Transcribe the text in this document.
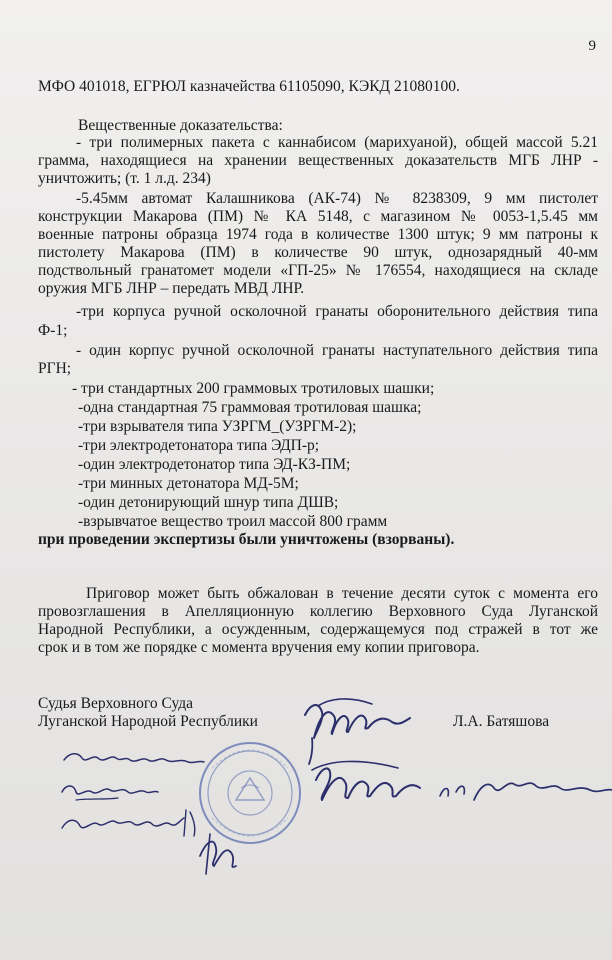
9
МФО 401018, ЕГРЮЛ казначейства 61105090, КЭКД 21080100.
Вещественные доказательства:
- три полимерных пакета с каннабисом (марихуаной), общей массой 5.21
грамма, находящиеся на хранении вещественных доказательств МГБ ЛНР -
уничтожить; (т. 1 л.д. 234)
-5.45мм автомат Калашникова (АК-74) № 8238309, 9 мм пистолет
конструкции Макарова (ПМ) № КА 5148, с магазином № 0053-1,5.45 мм
военные патроны образца 1974 года в количестве 1300 штук; 9 мм патроны к
пистолету Макарова (ПМ) в количестве 90 штук, однозарядный 40-мм
подствольный гранатомет модели «ГП-25» № 176554, находящиеся на складе
оружия МГБ ЛНР – передать МВД ЛНР.
-три корпуса ручной осколочной гранаты оборонительного действия типа
Ф-1;
- один корпус ручной осколочной гранаты наступательного действия типа
РГН;
- три стандартных 200 граммовых тротиловых шашки;
-одна стандартная 75 граммовая тротиловая шашка;
-три взрывателя типа УЗРГМ_(УЗРГМ-2);
-три электродетонатора типа ЭДП-р;
-один электродетонатор типа ЭД-КЗ-ПМ;
-три минных детонатора МД-5М;
-один детонирующий шнур типа ДШВ;
-взрывчатое вещество троил массой 800 грамм
при проведении экспертизы были уничтожены (взорваны).
Приговор может быть обжалован в течение десяти суток с момента его
провозглашения в Апелляционную коллегию Верховного Суда Луганской
Народной Республики, а осужденным, содержащемуся под стражей в тот же
срок и в том же порядке с момента вручения ему копии приговора.
Судья Верховного Суда
Луганской Народной Республики	Л.А. Батяшова
